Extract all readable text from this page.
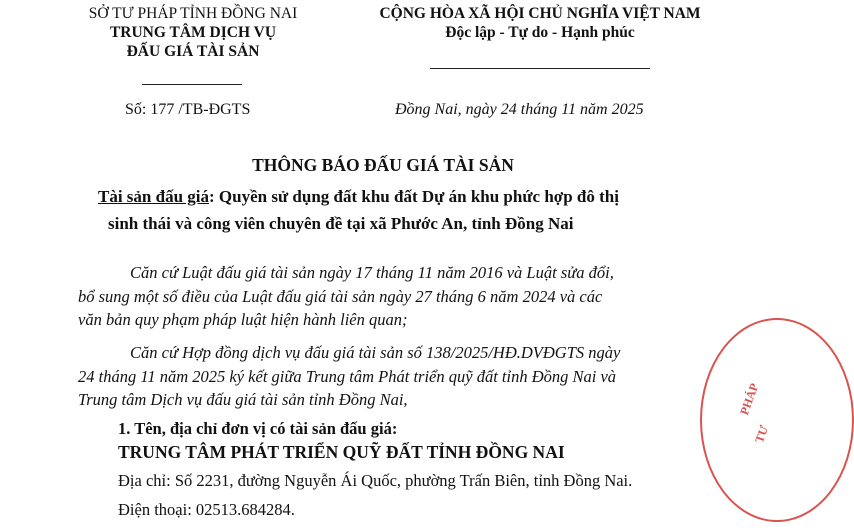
SỞ TƯ PHÁP TỈNH ĐỒNG NAI
TRUNG TÂM DỊCH VỤ
ĐẤU GIÁ TÀI SẢN
CỘNG HÒA XÃ HỘI CHỦ NGHĨA VIỆT NAM
Độc lập - Tự do - Hạnh phúc
Số: 177 /TB-ĐGTS	Đồng Nai, ngày 24 tháng 11 năm 2025
THÔNG BÁO ĐẤU GIÁ TÀI SẢN
Tài sản đấu giá: Quyền sử dụng đất khu đất Dự án khu phức hợp đô thị
sinh thái và công viên chuyên đề tại xã Phước An, tỉnh Đồng Nai
Căn cứ Luật đấu giá tài sản ngày 17 tháng 11 năm 2016 và Luật sửa đổi,
bổ sung một số điều của Luật đấu giá tài sản ngày 27 tháng 6 năm 2024 và các
văn bản quy phạm pháp luật hiện hành liên quan;
Căn cứ Hợp đồng dịch vụ đấu giá tài sản số 138/2025/HĐ.DVĐGTS ngày
24 tháng 11 năm 2025 ký kết giữa Trung tâm Phát triển quỹ đất tỉnh Đồng Nai và
Trung tâm Dịch vụ đấu giá tài sản tỉnh Đồng Nai,
1. Tên, địa chỉ đơn vị có tài sản đấu giá:
TRUNG TÂM PHÁT TRIỂN QUỸ ĐẤT TỈNH ĐỒNG NAI
Địa chỉ: Số 2231, đường Nguyễn Ái Quốc, phường Trấn Biên, tỉnh Đồng Nai.
Điện thoại: 02513.684284.
PHÁP
TƯ
